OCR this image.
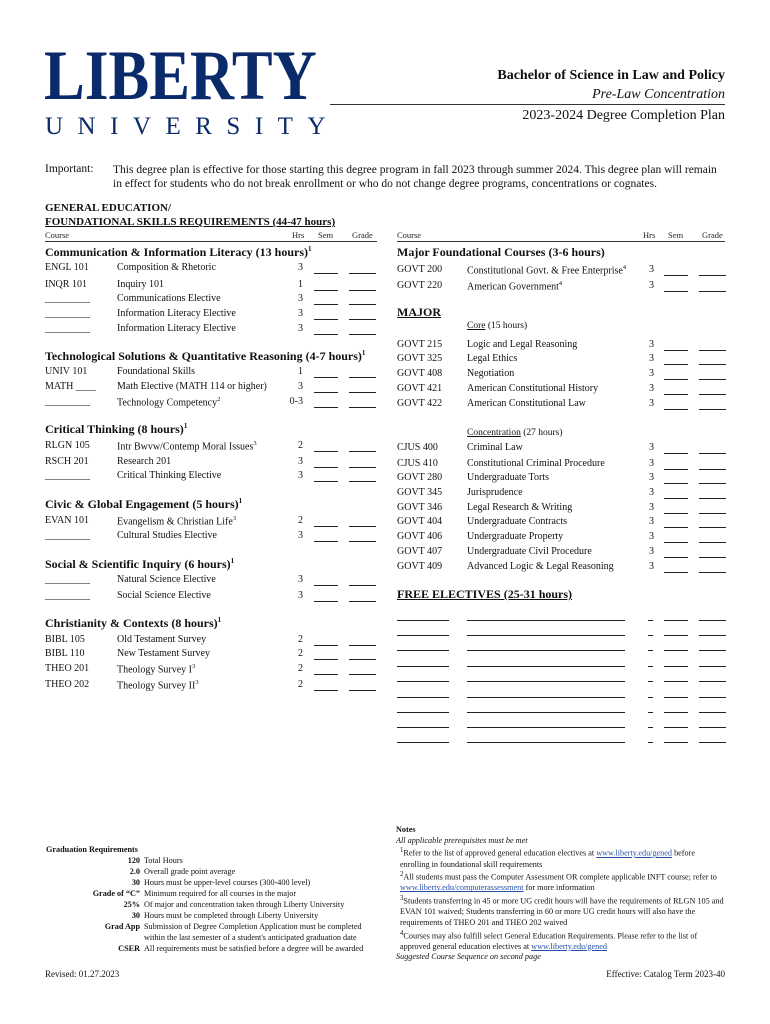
LIBERTY
UNIVERSITY
Bachelor of Science in Law and Policy
Pre-Law Concentration
2023-2024 Degree Completion Plan
Important: This degree plan is effective for those starting this degree program in fall 2023 through summer 2024. This degree plan will remain in effect for students who do not break enrollment or who do not change degree programs, concentrations or cognates.
GENERAL EDUCATION/
FOUNDATIONAL SKILLS REQUIREMENTS (44-47 hours)
Course	Hrs Sem Grade	Course	Hrs Sem Grade
Communication & Information Literacy (13 hours)$^1$
ENGL 101	Composition & Rhetoric	3
INQR 101	Inquiry 101	1
_________	Communications Elective	3
_________	Information Literacy Elective	3
_________	Information Literacy Elective	3
Technological Solutions & Quantitative Reasoning (4-7 hours)$^1$
UNIV 101	Foundational Skills	1
MATH ____ Math Elective (MATH 114 or higher)	3
_________	Technology Competency$^2$	0-3
Critical Thinking (8 hours)$^1$
RLGN 105	Intr Bwvw/Contemp Moral Issues$^3$	2
RSCH 201	Research 201	3
_________	Critical Thinking Elective	3
Civic & Global Engagement (5 hours)$^1$
EVAN 101	Evangelism & Christian Life$^3$	2
_________	Cultural Studies Elective	3
Social & Scientific Inquiry (6 hours)$^1$
_________	Natural Science Elective	3
_________	Social Science Elective	3
Christianity & Contexts (8 hours)$^1$
BIBL 105	Old Testament Survey	2
BIBL 110	New Testament Survey	2
THEO 201	Theology Survey $I^3$	2
THEO 202	Theology Survey $II^3$	2
GOVT 200 Constitutional Govt. & Free Enterprise$^4$	3
GOVT 220 American Government$^4$	3
GOVT 215 Logic and Legal Reasoning	3
GOVT 325 Legal Ethics	3
GOVT 408 Negotiation	3
GOVT 421 American Constitutional History	3
GOVT 422 American Constitutional Law	3
CJUS 400	Criminal Law	3
CJUS 410	Constitutional Criminal Procedure	3
GOVT 280 Undergraduate Torts	3
GOVT 345 Jurisprudence	3
GOVT 346 Legal Research & Writing	3
GOVT 404 Undergraduate Contracts	3
GOVT 406 Undergraduate Property	3
GOVT 407 Undergraduate Civil Procedure	3
GOVT 409 Advanced Logic & Legal Reasoning	3
Major Foundational Courses (3-6 hours)
MAJOR
Core (15 hours)
Concentration (27 hours)
FREE ELECTIVES (25-31 hours)
Graduation Requirements
120 Total Hours
2.0 Overall grade point average
30 Hours must be upper-level courses (300-400 level)
Grade of “C” Minimum required for all courses in the major
25% Of major and concentration taken through Liberty University
30 Hours must be completed through Liberty University
Grad App Submission of Degree Completion Application must be completed
within the last semester of a student's anticipated graduation date
CSER All requirements must be satisfied before a degree will be awarded
Notes
All applicable prerequisites must be met
$^1$Refer to the list of approved general education electives at www.liberty.edu/gened before enrolling in foundational skill requirements
$^2$All students must pass the Computer Assessment OR complete applicable INFT course; refer to www.liberty.edu/computerassessment for more information
$^3$Students transferring in 45 or more UG credit hours will have the requirements of RLGN 105 and EVAN 101 waived; Students transferring in 60 or more UG credit hours will also have the requirements of THEO 201 and THEO 202 waived
$^4$Courses may also fulfill select General Education Requirements. Please refer to the list of approved general education electives at www.liberty.edu/gened
Suggested Course Sequence on second page
Revised: 01.27.2023	Effective: Catalog Term 2023-40
